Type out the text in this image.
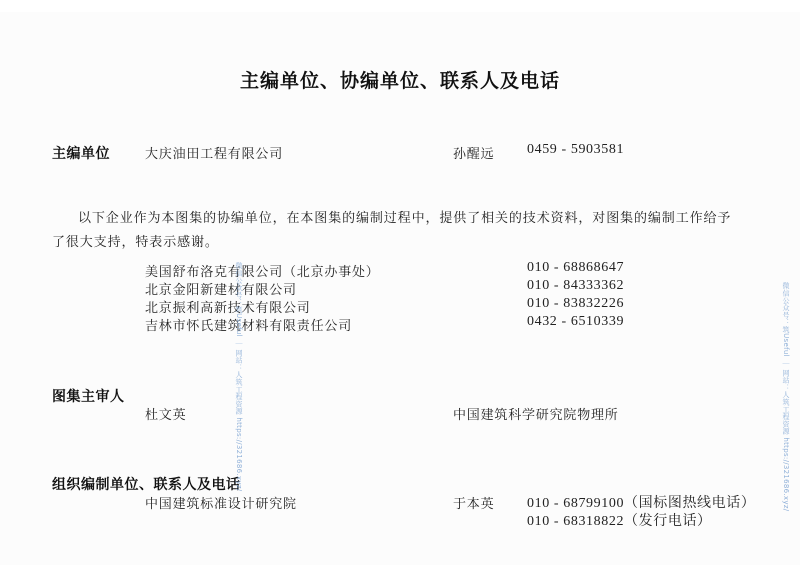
主编单位、协编单位、联系人及电话
主编单位	大庆油田工程有限公司	孙醒远 0459 - 5903581
以下企业作为本图集的协编单位，在本图集的编制过程中，提供了相关的技术资料，对图集的编制工作给予
了很大支持，特表示感谢。
美国舒布洛克有限公司（北京办事处）	010 - 68868647
北京金阳新建材有限公司	010 - 84333362
北京振利高新技术有限公司	010 - 83832226
吉林市怀氏建筑材料有限责任公司	0432 - 6510339
图集主审人
杜文英	中国建筑科学研究院物理所
组织编制单位、联系人及电话
中国建筑标准设计研究院	于本英 010 - 68799100（国标图热线电话）
010 - 68318822（发行电话）
微信公众号：筑Useful ｜ 网站：人筑工程资源 https://321686.xyz/	微信公众号：筑Useful ｜ 网站：人筑工程资源 https://321686.xyz/
